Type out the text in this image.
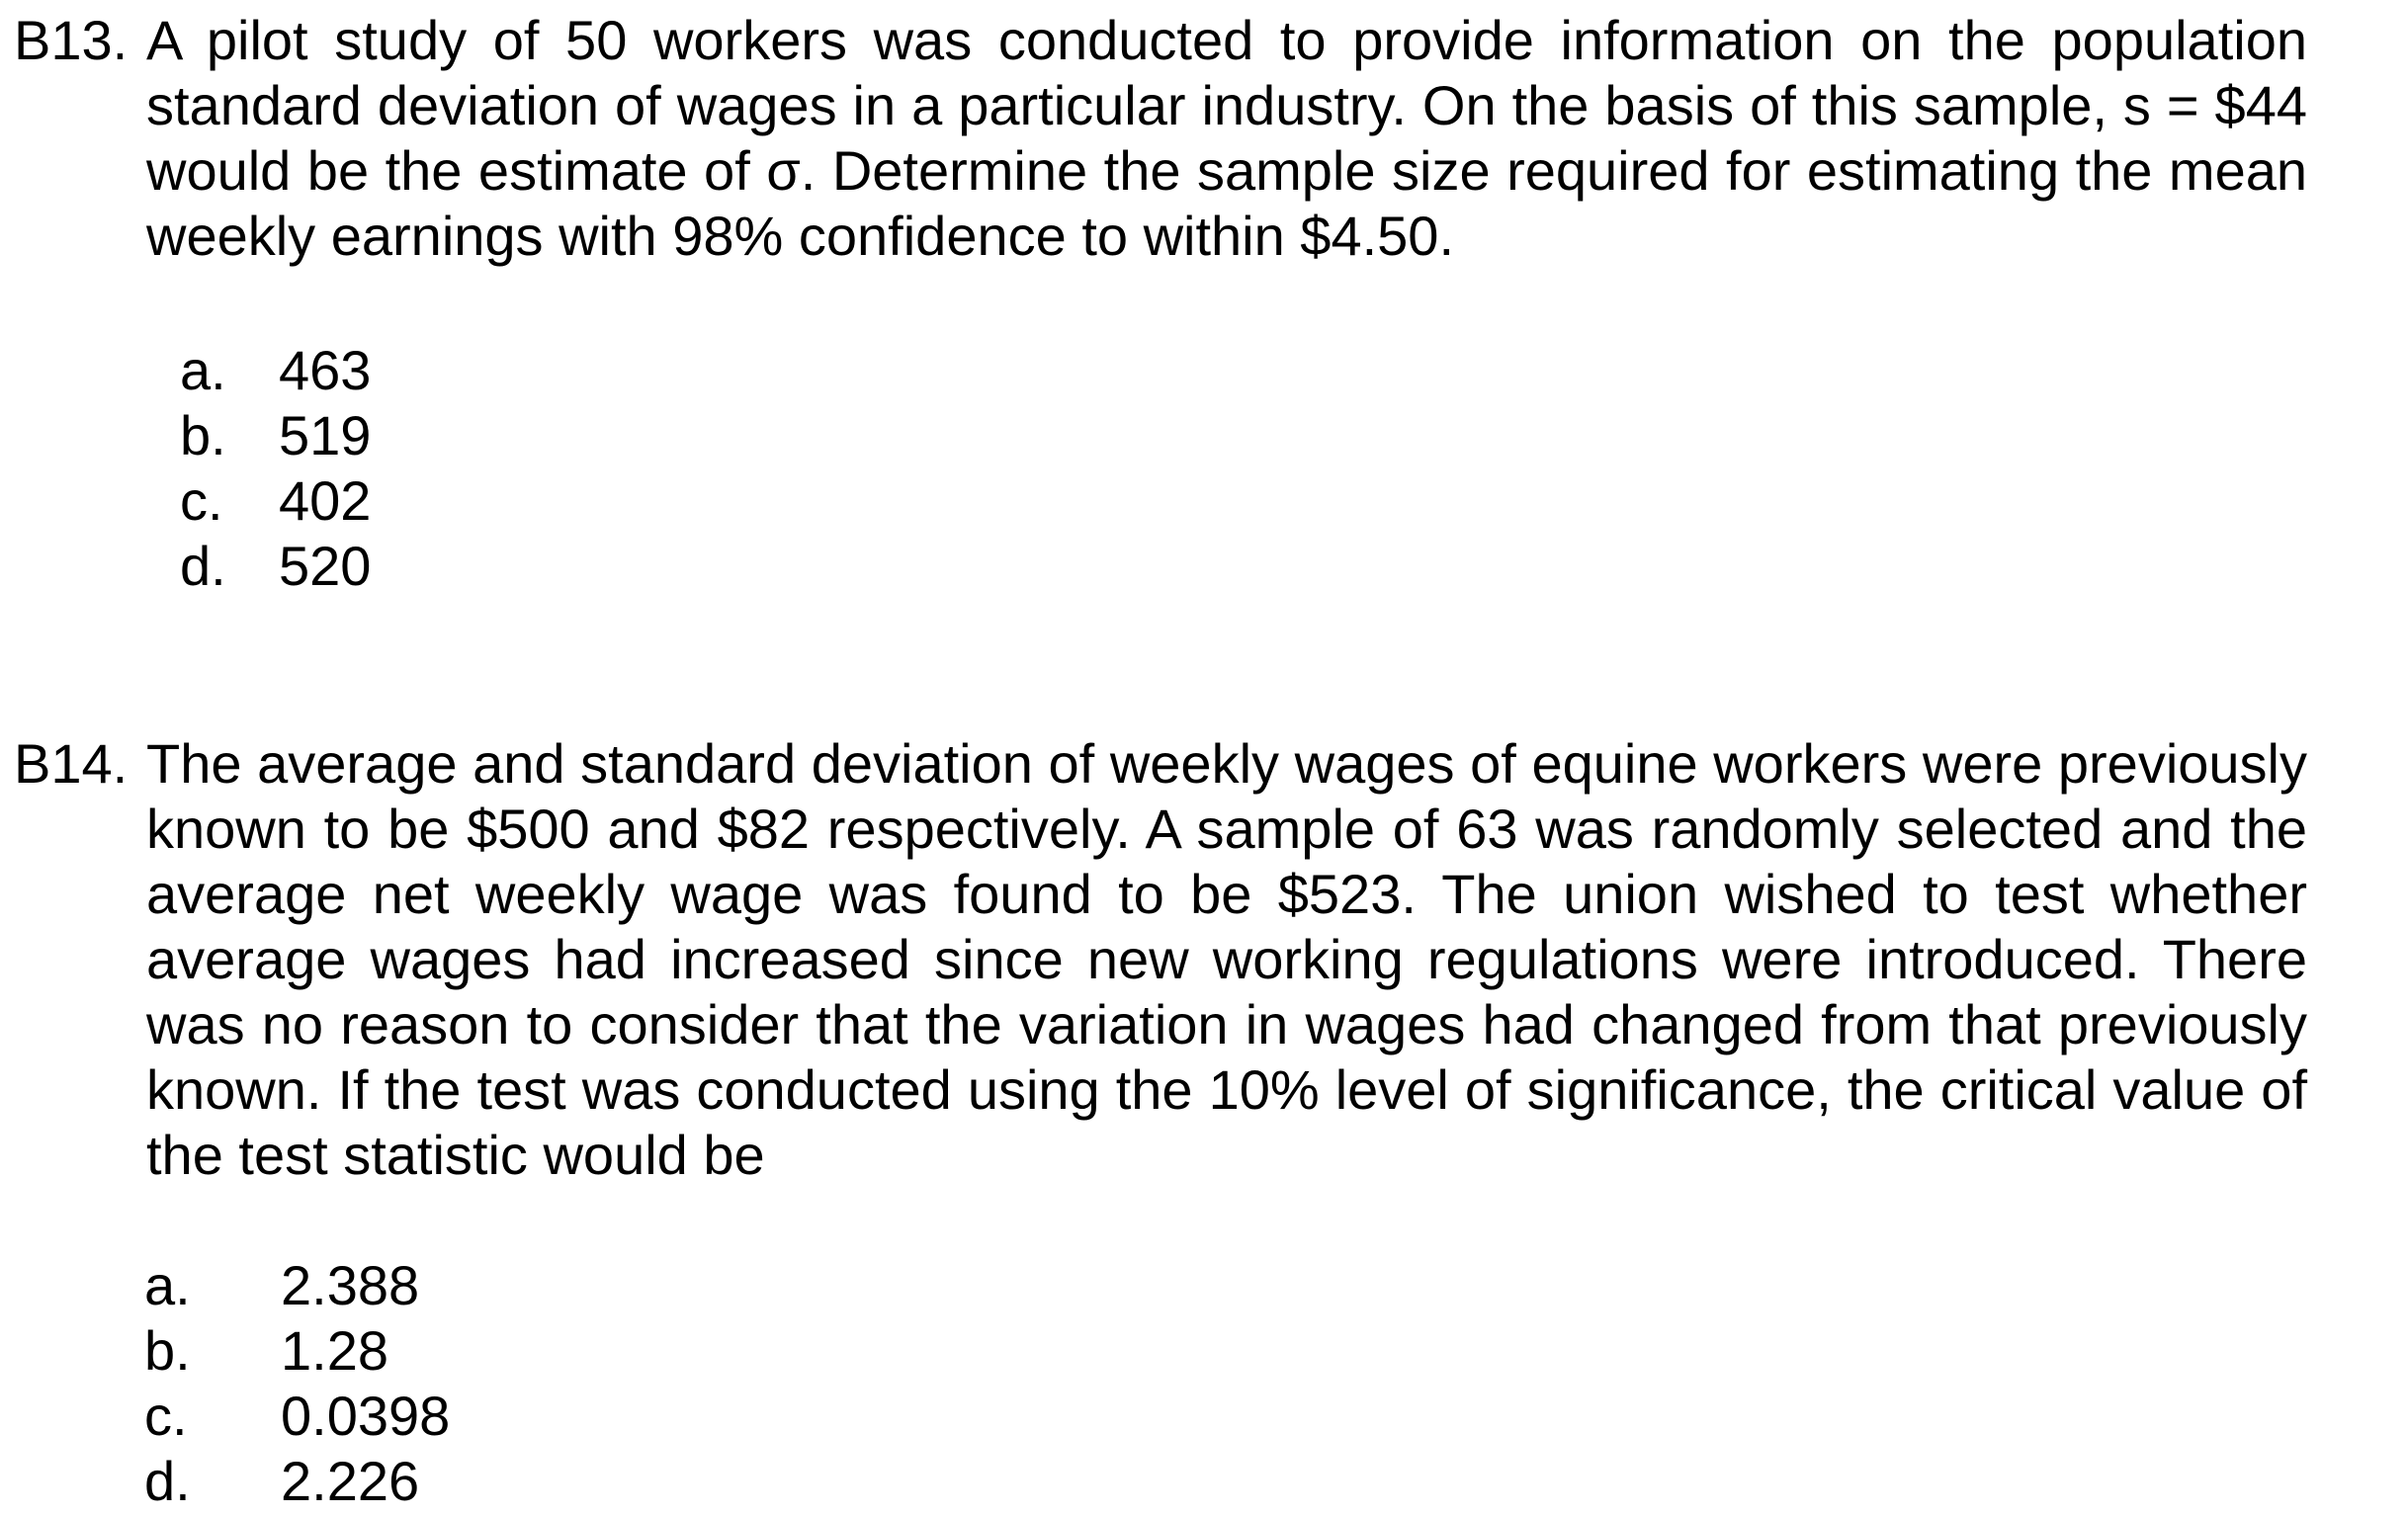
B13. A pilot study of 50 workers was conducted to provide information on the population standard deviation of wages in a particular industry. On the basis of this sample, s = $44 would be the estimate of σ. Determine the sample size required for estimating the mean weekly earnings with 98% confidence to within $4.50.
a. 463
b. 519
c.	402
d. 520
B14. The average and standard deviation of weekly wages of equine workers were previously known to be $500 and $82 respectively. A sample of 63 was randomly selected and the average net weekly wage was found to be $523. The union wished to test whether average wages had increased since new working regulations were introduced. There was no reason to consider that the variation in wages had changed from that previously known. If the test was conducted using the 10% level of significance, the critical value of the test statistic would be
a.	2.388
b.	1.28
c.	0.0398
d.	2.226
